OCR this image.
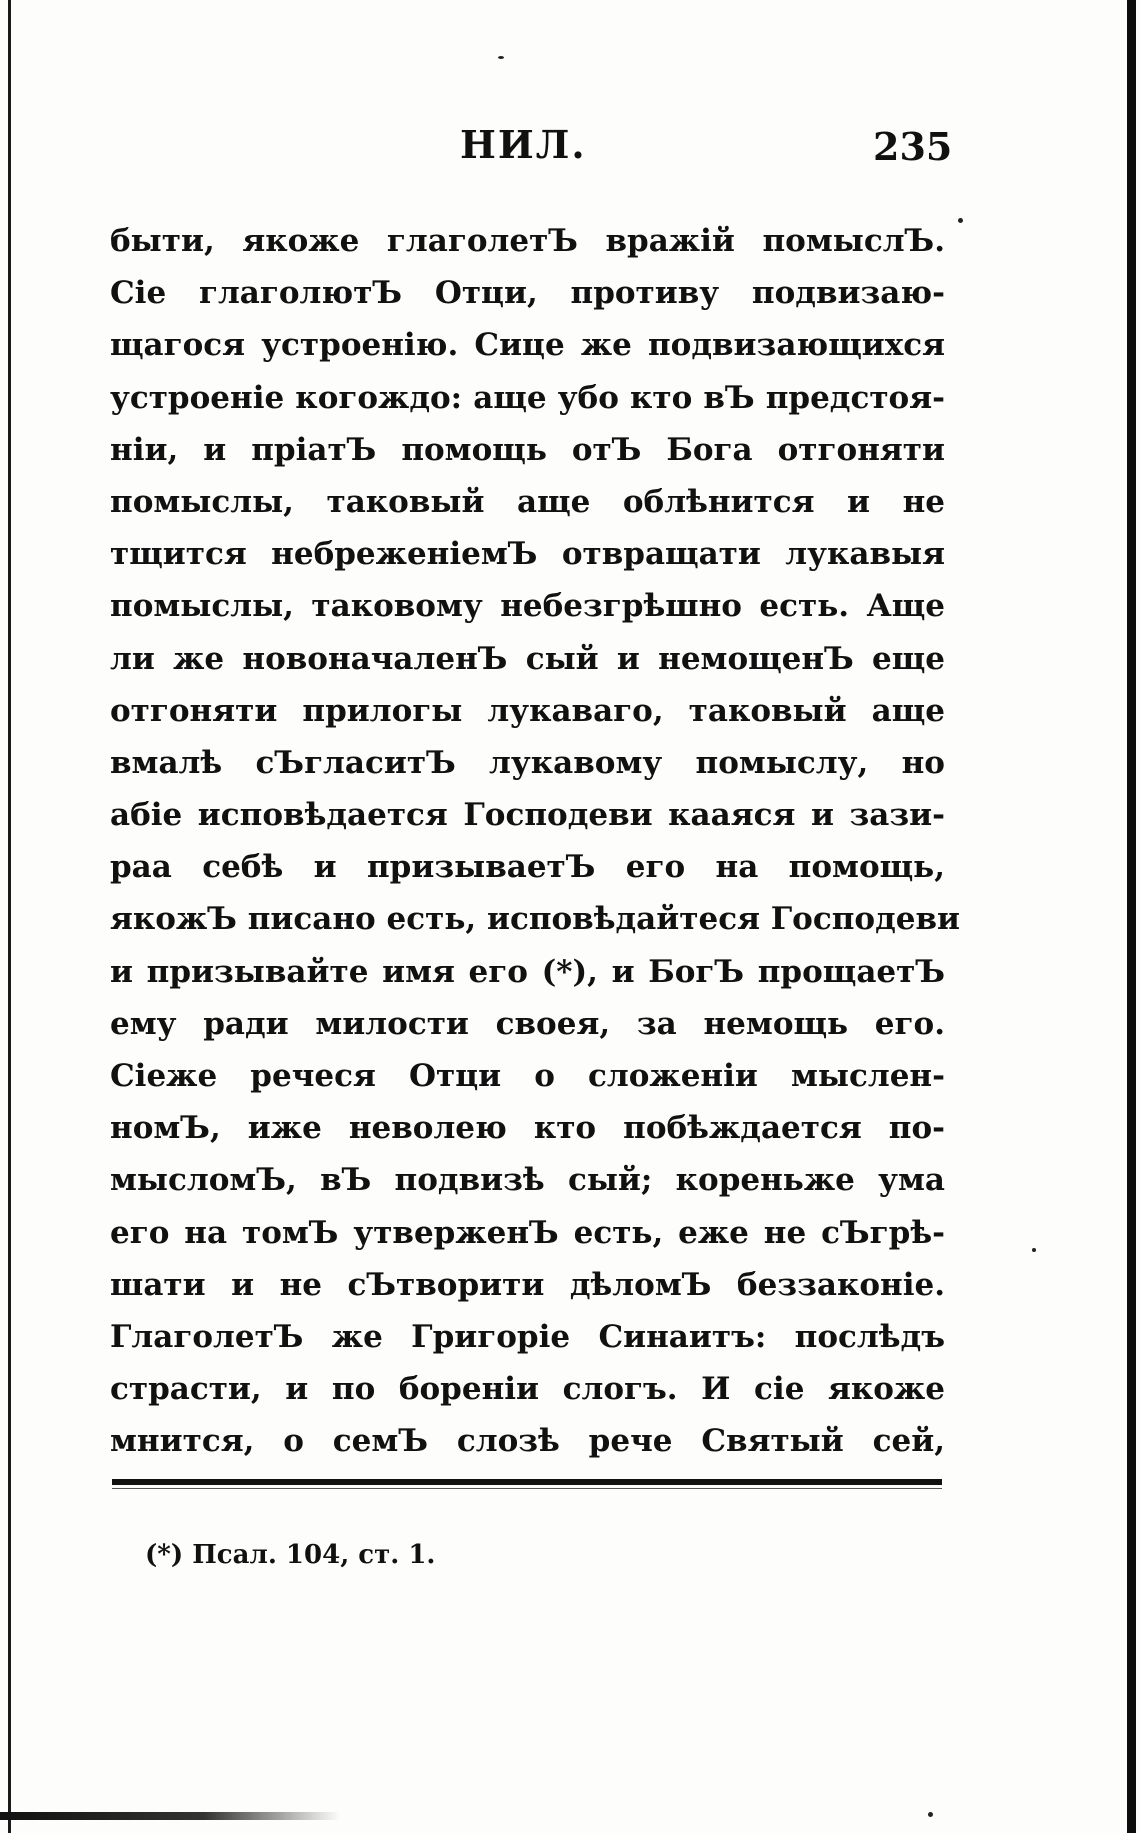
НИЛ.	235
быти, якоже глаголетЪ вражій помыслЪ.
Сіе глаголютЪ Отци, противу подвизаю-
щагося устроенію. Сице же подвизающихся
устроеніе когождо: аще убо кто вЪ предстоя-
ніи, и пріатЪ помощь отЪ Бога отгоняти
помыслы, таковый аще облѣнится и не
тщится небреженіемЪ отвращати лукавыя
помыслы, таковому небезгрѣшно есть. Аще
ли же новоначаленЪ сый и немощенЪ еще
отгоняти прилогы лукаваго, таковый аще
вмалѣ сЪгласитЪ лукавому помыслу, но
абіе исповѣдается Господеви кааяся и зази-
раа себѣ и призываетЪ его на помощь,
якожЪ писано есть, исповѣдайтеся Господеви
и призывайте имя его (*), и БогЪ прощаетЪ
ему ради милости своея, за немощь его.
Сіеже речеся Отци о сложеніи мыслен-
номЪ, иже неволею кто побѣждается по-
мысломЪ, вЪ подвизѣ сый; кореньже ума
его на томЪ утверженЪ есть, еже не сЪгрѣ-
шати и не сЪтворити дѣломЪ беззаконіе.
ГлаголетЪ же Григоріе Синаитъ: послѣдъ
страсти, и по бореніи слогъ. И сіе якоже
мнится, о семЪ слозѣ рече Святый сей,
(*) Псал. 104, ст. 1.
